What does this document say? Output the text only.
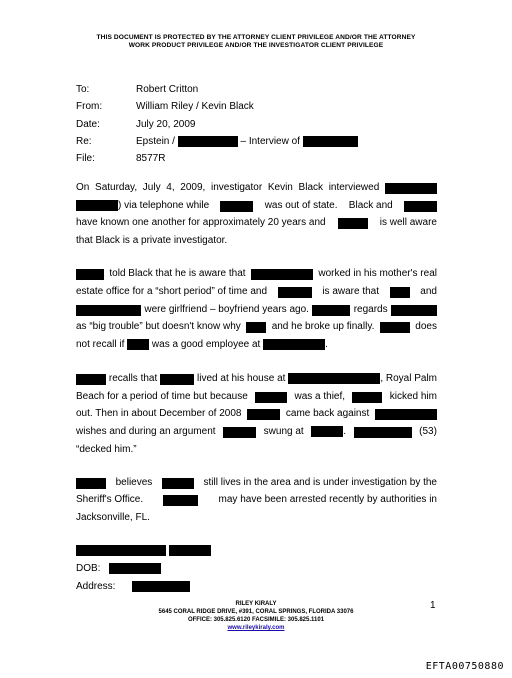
THIS DOCUMENT IS PROTECTED BY THE ATTORNEY CLIENT PRIVILEGE AND/OR THE ATTORNEY
WORK PRODUCT PRIVILEGE AND/OR THE INVESTIGATOR CLIENT PRIVILEGE
To:	Robert Critton
From:	William Riley / Kevin Black
Date:	July 20, 2009
Re:	Epstein /	– Interview of
File:	8577R
On Saturday, July 4, 2009, investigator Kevin Black interviewed
) via telephone while	was out of state. Black and
have known one another for approximately 20 years and	is well aware
that Black is a private investigator.
told Black that he is aware that	worked in his mother's real
estate office for a “short period” of time and	is aware that	and
were girlfriend – boyfriend years ago.	regards
as “big trouble” but doesn't know why	and he broke up finally.	does
not recall if	was a good employee at	.
recalls that	lived at his house at	, Royal Palm
Beach for a period of time but because	was a thief,	kicked him
out. Then in about December of 2008	came back against
wishes and during an argument	swung at	.	(53)
“decked him.”
believes	still lives in the area and is under investigation by the
Sheriff's Office.	may have been arrested recently by authorities in
Jacksonville, FL.

DOB:
Address:
RILEY KIRALY
5645 CORAL RIDGE DRIVE, #391, CORAL SPRINGS, FLORIDA 33076
OFFICE: 305.825.6120 FACSIMILE: 305.825.1101
www.rileykiraly.com
1
EFTA00750880
